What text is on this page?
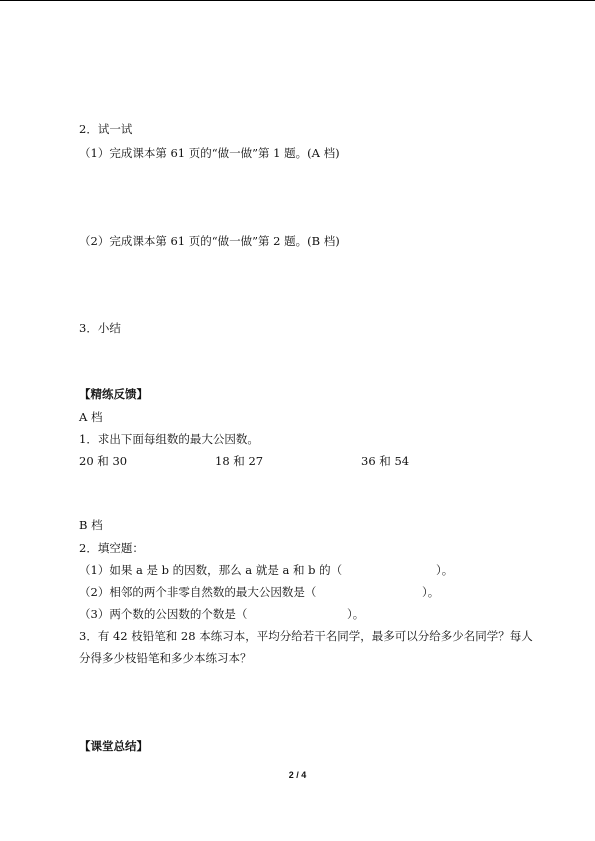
2．试一试
（1）完成课本第 61 页的“做一做”第 1 题。(A 档)
（2）完成课本第 61 页的“做一做”第 2 题。(B 档)
3．小结
【精练反馈】
A 档
1．求出下面每组数的最大公因数。
20 和 30	18 和 27	36 和 54
B 档
2．填空题：
（1）如果 a 是 b 的因数，那么 a 就是 a 和 b 的（	）。
（2）相邻的两个非零自然数的最大公因数是（	）。
（3）两个数的公因数的个数是（	）。
3．有 42 枝铅笔和 28 本练习本，平均分给若干名同学，最多可以分给多少名同学？每人
分得多少枝铅笔和多少本练习本？
【课堂总结】
2 / 4
